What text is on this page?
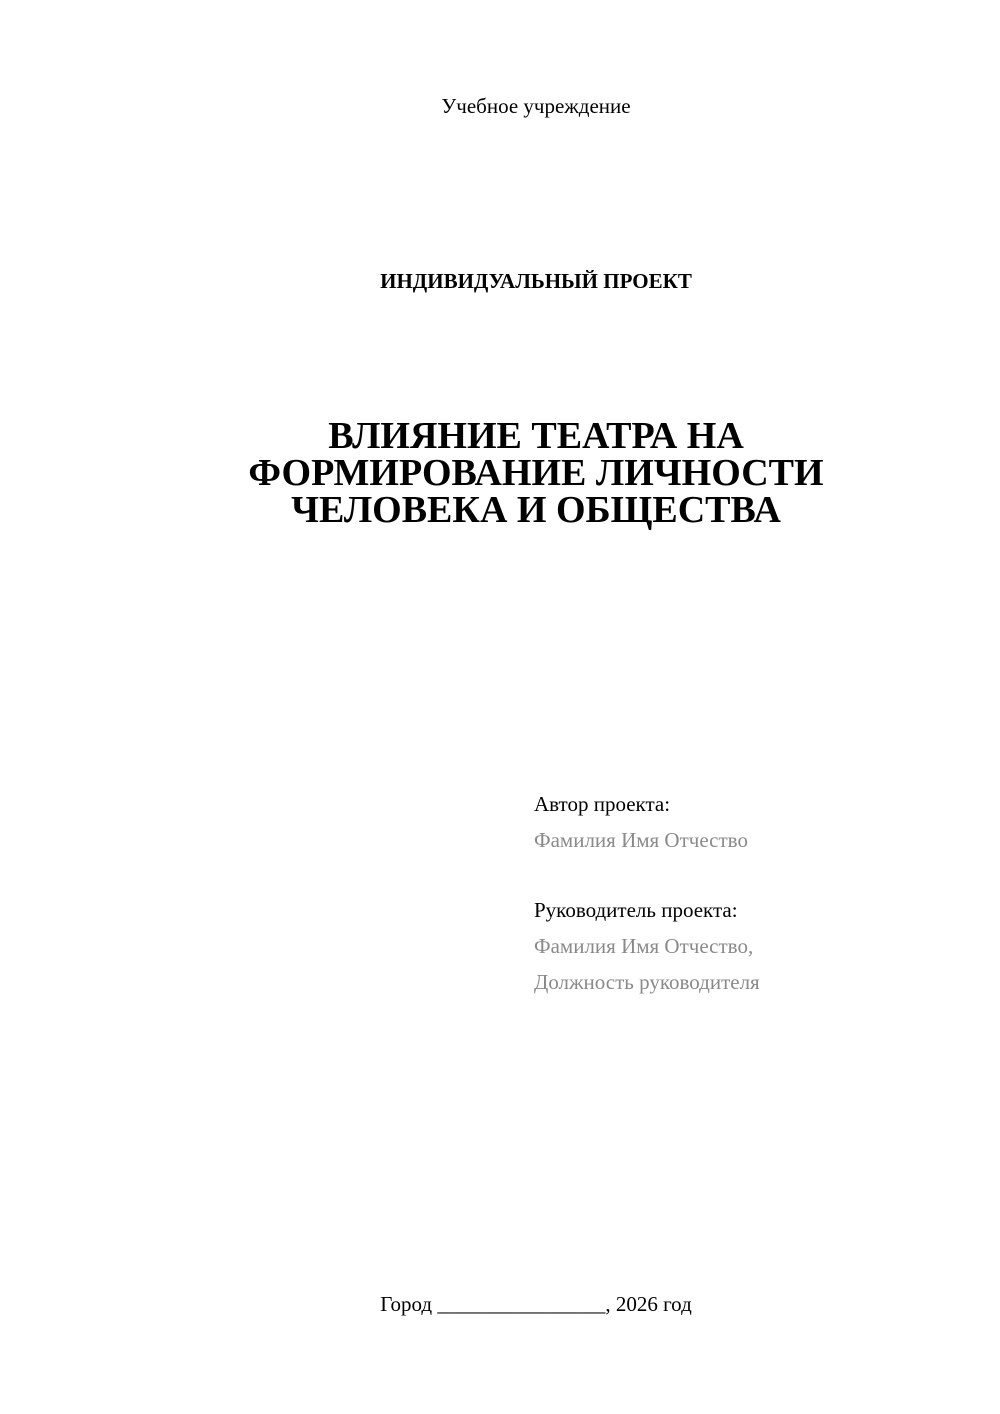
Учебное учреждение
ИНДИВИДУАЛЬНЫЙ ПРОЕКТ
ВЛИЯНИЕ ТЕАТРА НА
ФОРМИРОВАНИЕ ЛИЧНОСТИ
ЧЕЛОВЕКА И ОБЩЕСТВА
Автор проекта:
Фамилия Имя Отчество
Руководитель проекта:
Фамилия Имя Отчество,
Должность руководителя
Город ________________, 2026 год
